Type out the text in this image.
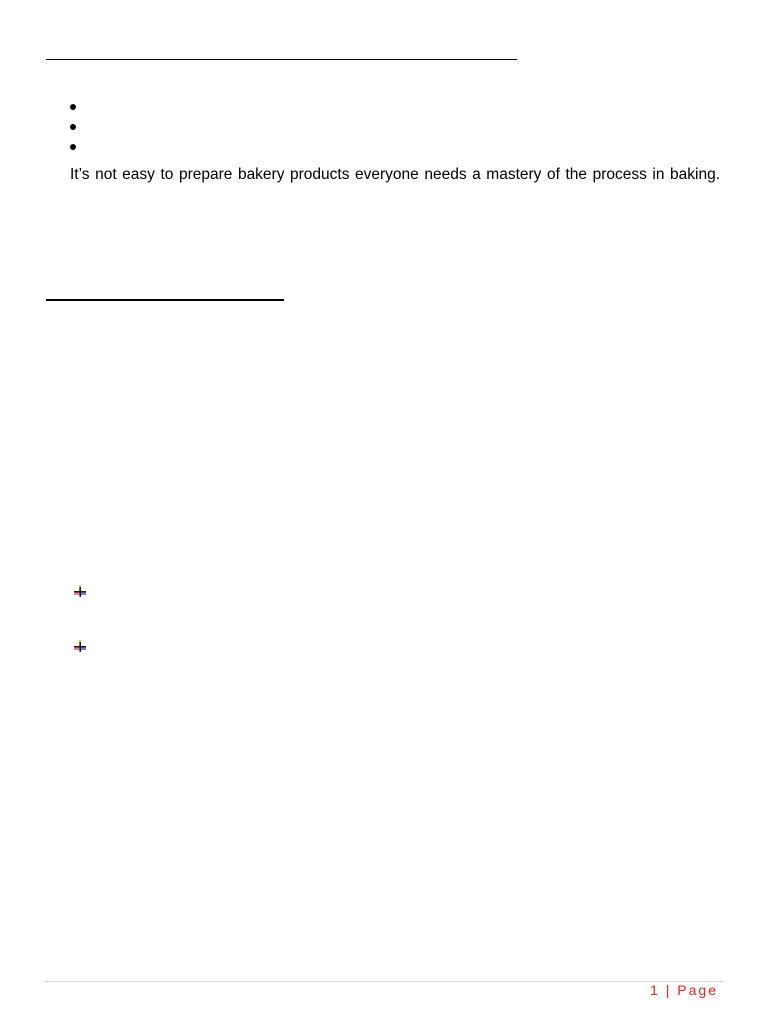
It’s not easy to prepare bakery products everyone needs a mastery of the process in baking.
1 | Page
